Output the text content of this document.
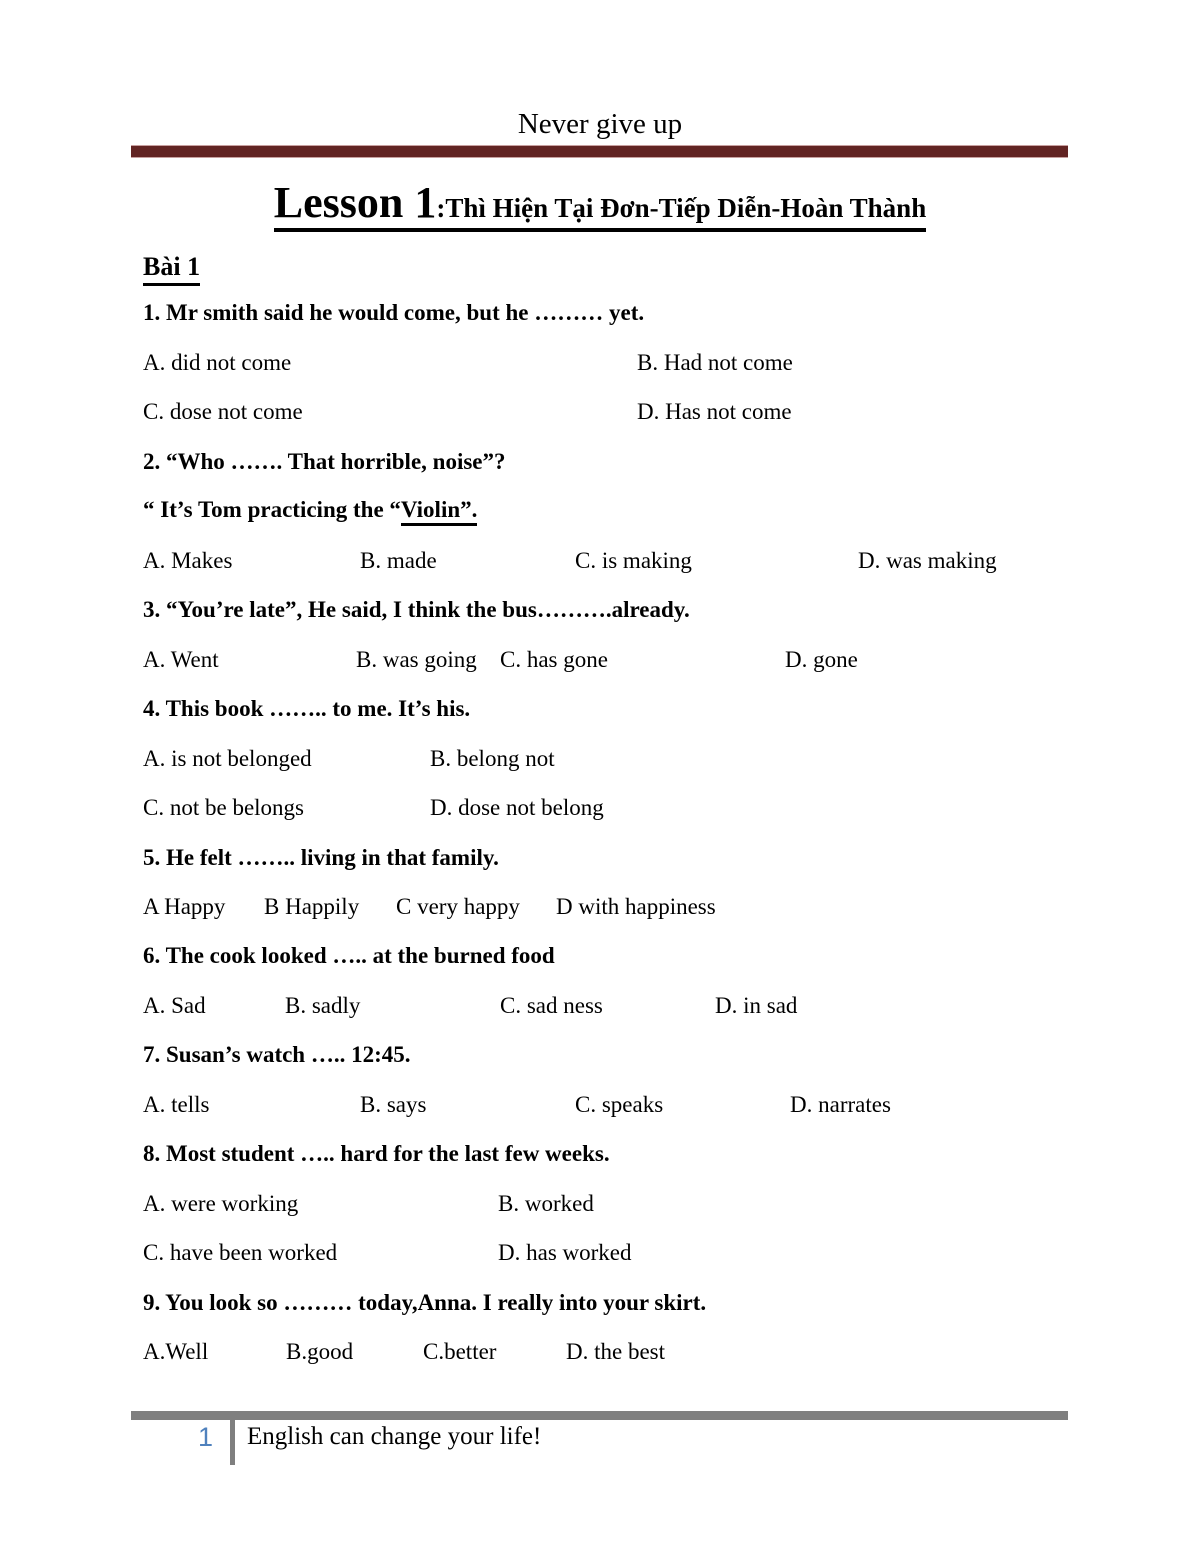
Never give up
Lesson 1:Thì Hiện Tại Đơn-Tiếp Diễn-Hoàn Thành
Bài 1
1. Mr smith said he would come, but he ……… yet.
A. did not come	B. Had not come
C. dose not come	D. Has not come
2. “Who ……. That horrible, noise”?
“ It’s Tom practicing the “Violin”.
A. Makes	B. made	C. is making	D. was making
3. “You’re late”, He said, I think the bus……….already.
A. Went	B. was going C. has gone	D. gone
4. This book …….. to me. It’s his.
A. is not belonged	B. belong not
C. not be belongs	D. dose not belong
5. He felt …….. living in that family.
A Happy B Happily C very happy D with happiness
6. The cook looked ….. at the burned food
A. Sad	B. sadly	C. sad ness	D. in sad
7. Susan’s watch ….. 12:45.
A. tells	B. says	C. speaks	D. narrates
8. Most student ….. hard for the last few weeks.
A. were working	B. worked
C. have been worked	D. has worked
9. You look so ……… today,Anna. I really into your skirt.
A.Well	B.good	C.better	D. the best
1 English can change your life!
